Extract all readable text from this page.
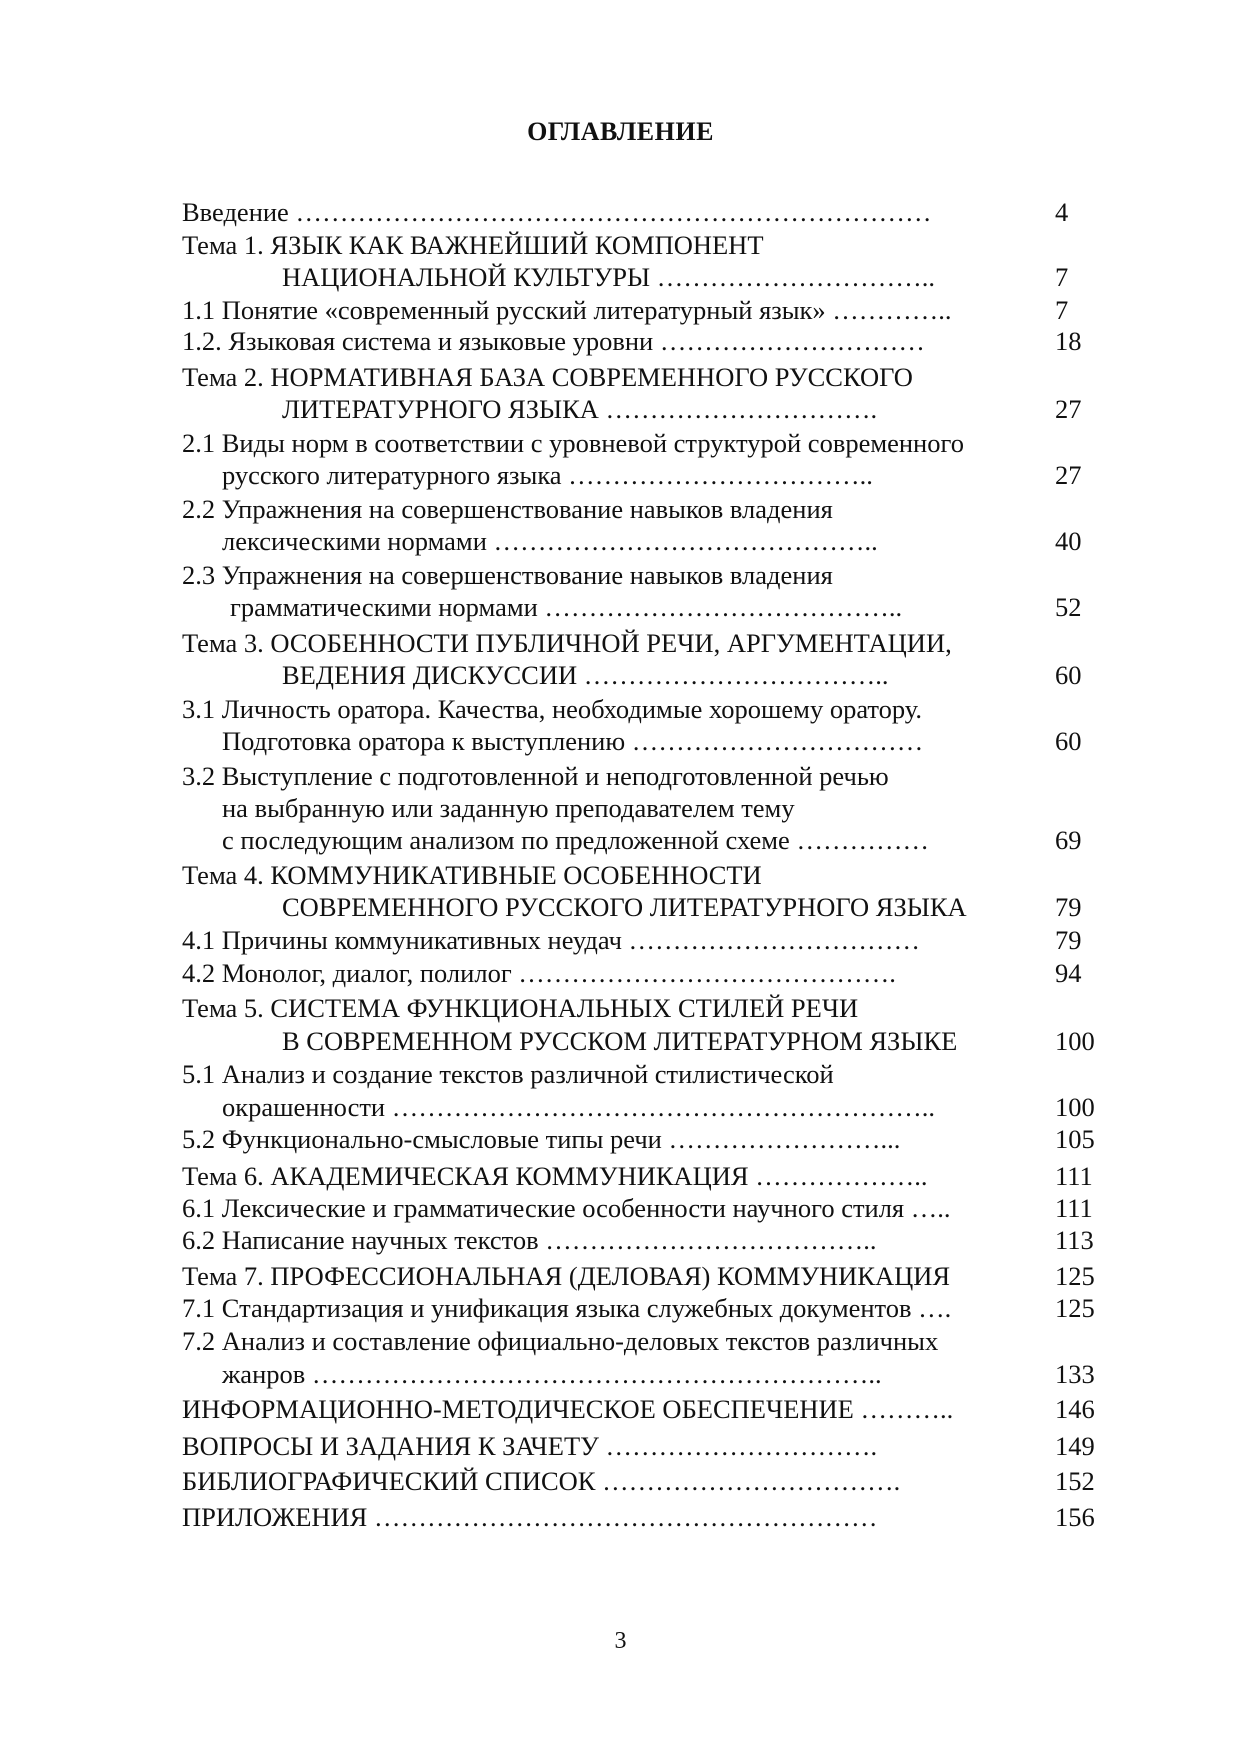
ОГЛАВЛЕНИЕ
Введение ………………………………………………………………	4
Тема 1. ЯЗЫК КАК ВАЖНЕЙШИЙ КОМПОНЕНТ
НАЦИОНАЛЬНОЙ КУЛЬТУРЫ …………………………..	7
1.1 Понятие «современный русский литературный язык» …………..	7
1.2. Языковая система и языковые уровни …………………………	18
Тема 2. НОРМАТИВНАЯ БАЗА СОВРЕМЕННОГО РУССКОГО
ЛИТЕРАТУРНОГО ЯЗЫКА ………………………….	27
2.1 Виды норм в соответствии с уровневой структурой современного
русского литературного языка ……………………………..	27
2.2 Упражнения на совершенствование навыков владения
лексическими нормами ……………………………………..	40
2.3 Упражнения на совершенствование навыков владения
грамматическими нормами …………………………………..	52
Тема 3. ОСОБЕННОСТИ ПУБЛИЧНОЙ РЕЧИ, АРГУМЕНТАЦИИ,
ВЕДЕНИЯ ДИСКУССИИ ……………………………..	60
3.1 Личность оратора. Качества, необходимые хорошему оратору.
Подготовка оратора к выступлению ……………………………	60
3.2 Выступление с подготовленной и неподготовленной речью
на выбранную или заданную преподавателем тему
с последующим анализом по предложенной схеме ……………	69
Тема 4. КОММУНИКАТИВНЫЕ ОСОБЕННОСТИ
СОВРЕМЕННОГО РУССКОГО ЛИТЕРАТУРНОГО ЯЗЫКА	79
4.1 Причины коммуникативных неудач ……………………………	79
4.2 Монолог, диалог, полилог …………………………………….	94
Тема 5. СИСТЕМА ФУНКЦИОНАЛЬНЫХ СТИЛЕЙ РЕЧИ
В СОВРЕМЕННОМ РУССКОМ ЛИТЕРАТУРНОМ ЯЗЫКЕ	100
5.1 Анализ и создание текстов различной стилистической
окрашенности ……………………………………………………..	100
5.2 Функционально-смысловые типы речи ……………………...	105
Тема 6. АКАДЕМИЧЕСКАЯ КОММУНИКАЦИЯ ………………..	111
6.1 Лексические и грамматические особенности научного стиля …..	111
6.2 Написание научных текстов ………………………………..	113
Тема 7. ПРОФЕССИОНАЛЬНАЯ (ДЕЛОВАЯ) КОММУНИКАЦИЯ	125
7.1 Стандартизация и унификация языка служебных документов ….	125
7.2 Анализ и составление официально-деловых текстов различных
жанров ………………………………………………………..	133
ИНФОРМАЦИОННО-МЕТОДИЧЕСКОЕ ОБЕСПЕЧЕНИЕ ………..	146
ВОПРОСЫ И ЗАДАНИЯ К ЗАЧЕТУ ………………………….	149
БИБЛИОГРАФИЧЕСКИЙ СПИСОК …………………………….	152
ПРИЛОЖЕНИЯ …………………………………………………	156
3
